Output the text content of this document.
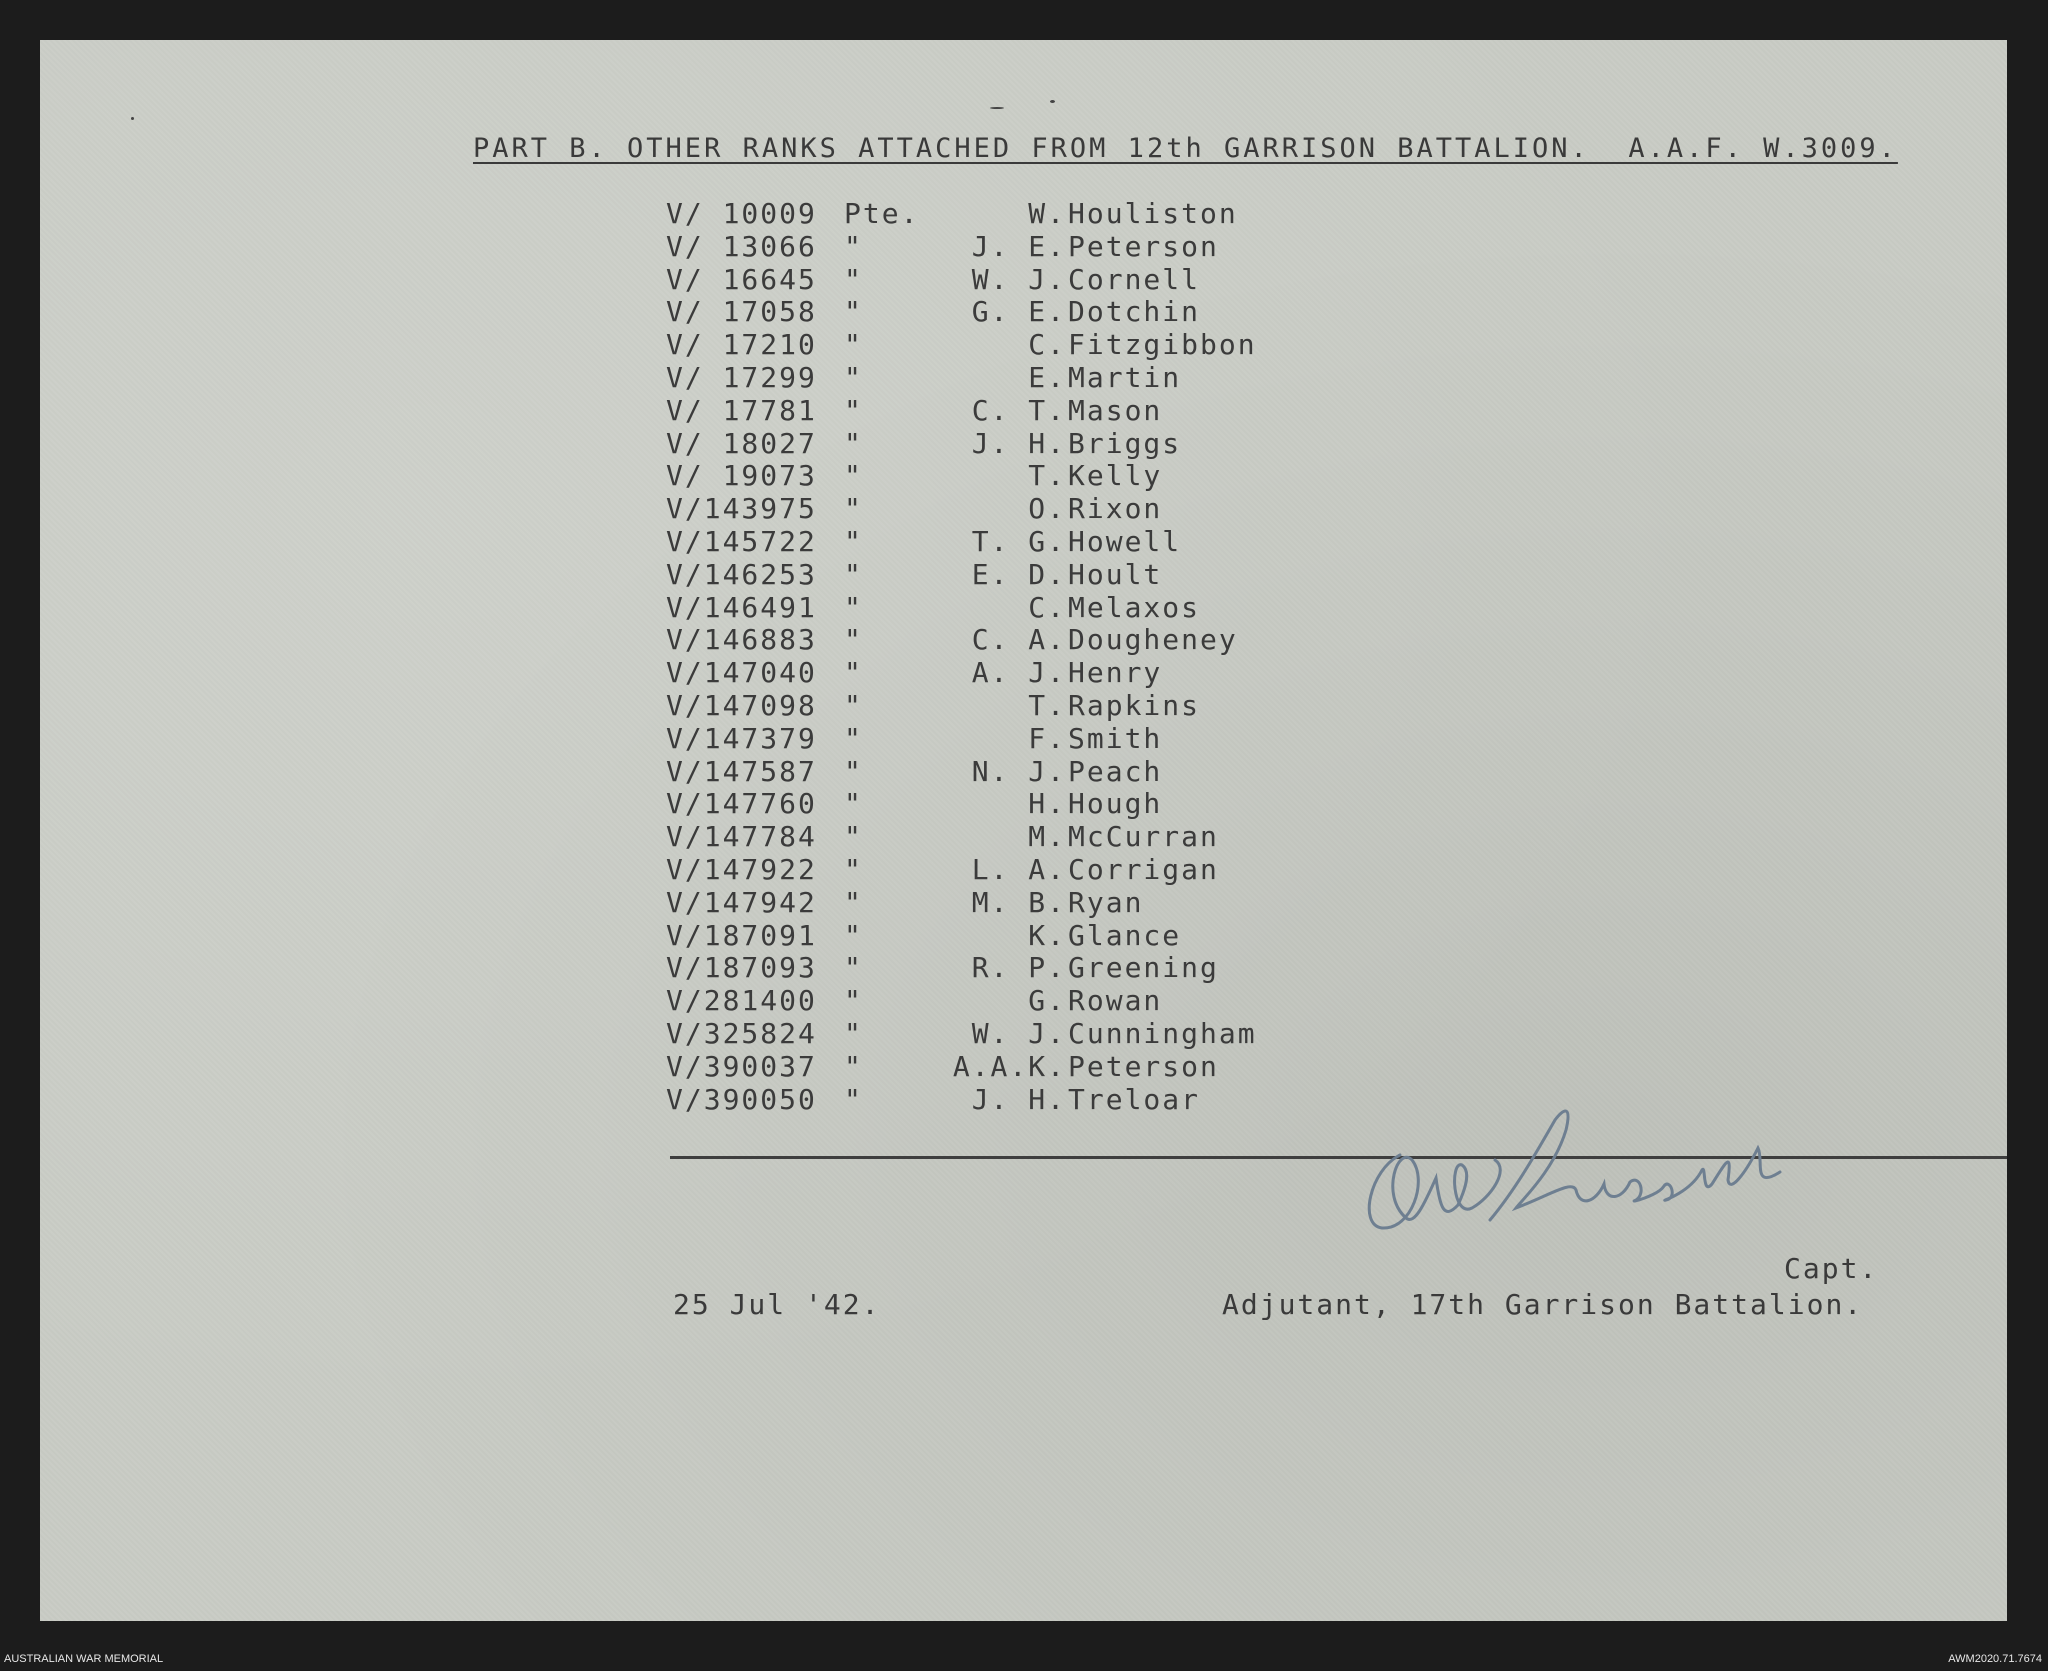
PART B. OTHER RANKS ATTACHED FROM 12th GARRISON BATTALION.  A.A.F. W.3009.
V/ 10009 Pte.	W. Houliston
V/ 13066 "	J. E. Peterson
V/ 16645 "	W. J. Cornell
V/ 17058 "	G. E. Dotchin
V/ 17210 "	C. Fitzgibbon
V/ 17299 "	E. Martin
V/ 17781 "	C. T. Mason
V/ 18027 "	J. H. Briggs
V/ 19073 "	T. Kelly
V/143975 "	O. Rixon
V/145722 "	T. G. Howell
V/146253 "	E. D. Hoult
V/146491 "	C. Melaxos
V/146883 "	C. A. Dougheney
V/147040 "	A. J. Henry
V/147098 "	T. Rapkins
V/147379 "	F. Smith
V/147587 "	N. J. Peach
V/147760 "	H. Hough
V/147784 "	M. McCurran
V/147922 "	L. A. Corrigan
V/147942 "	M. B. Ryan
V/187091 "	K. Glance
V/187093 "	R. P. Greening
V/281400 "	G. Rowan
V/325824 "	W. J. Cunningham
V/390037 "	A.A.K. Peterson
V/390050 "	J. H. Treloar
ABRussell	Capt.
25 Jul '42.	Adjutant, 17th Garrison Battalion.
AUSTRALIAN WAR MEMORIAL	AWM2020.71.7674
